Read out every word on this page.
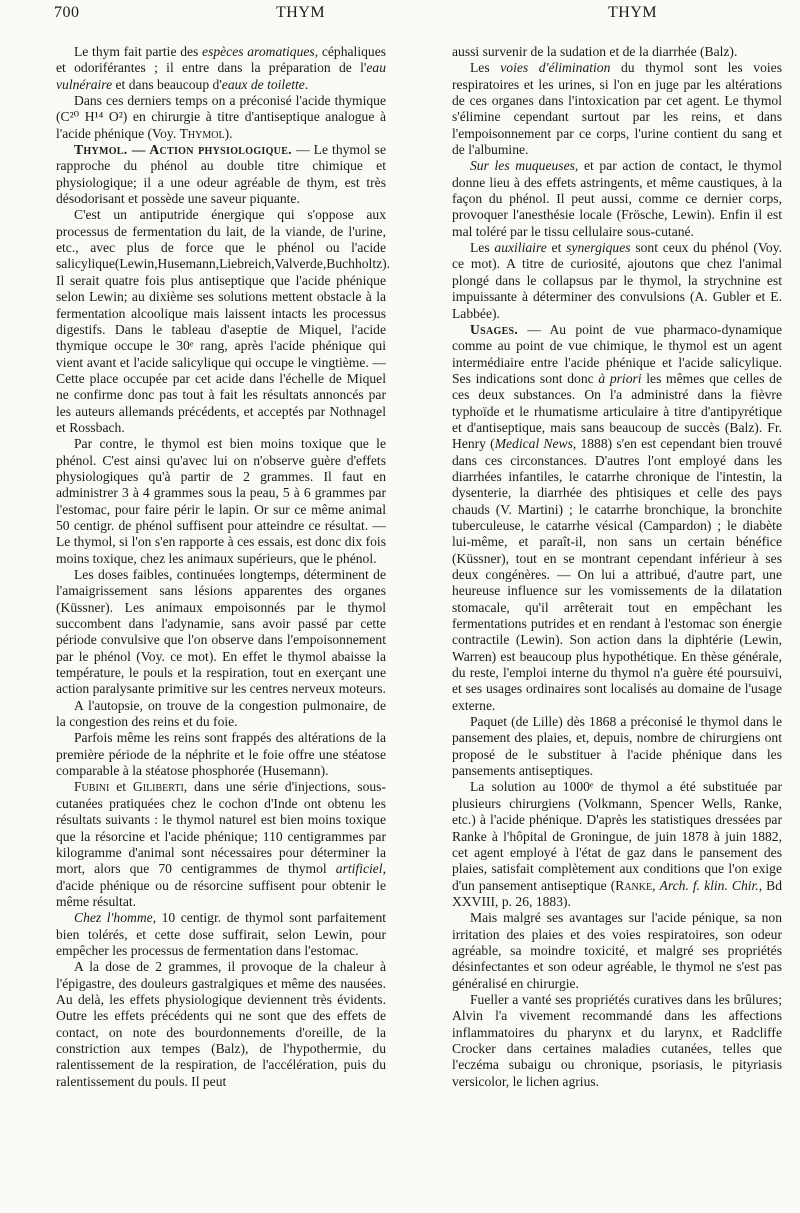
700	THYM	THYM

Le thym fait partie des espèces aromatiques, céphaliques et odoriférantes ; il entre dans la préparation de l'eau vulnéraire et dans beaucoup d'eaux de toilette.

Dans ces derniers temps on a préconisé l'acide thymique (C²⁰ H¹⁴ O²) en chirurgie à titre d'antiseptique analogue à l'acide phénique (Voy. Thymol).

Thymol. — Action physiologique. — Le thymol se rapproche du phénol au double titre chimique et physiologique; il a une odeur agréable de thym, est très désodorisant et possède une saveur piquante.

C'est un antiputride énergique qui s'oppose aux processus de fermentation du lait, de la viande, de l'urine, etc., avec plus de force que le phénol ou l'acide salicylique(Lewin,Husemann,Liebreich,Valverde,Buchholtz). Il serait quatre fois plus antiseptique que l'acide phénique selon Lewin; au dixième ses solutions mettent obstacle à la fermentation alcoolique mais laissent intacts les processus digestifs. Dans le tableau d'aseptie de Miquel, l'acide thymique occupe le 30ᵉ rang, après l'acide phénique qui vient avant et l'acide salicylique qui occupe le vingtième. — Cette place occupée par cet acide dans l'échelle de Miquel ne confirme donc pas tout à fait les résultats annoncés par les auteurs allemands précédents, et acceptés par Nothnagel et Rossbach.

Par contre, le thymol est bien moins toxique que le phénol. C'est ainsi qu'avec lui on n'observe guère d'effets physiologiques qu'à partir de 2 grammes. Il faut en administrer 3 à 4 grammes sous la peau, 5 à 6 grammes par l'estomac, pour faire périr le lapin. Or sur ce même animal 50 centigr. de phénol suffisent pour atteindre ce résultat. — Le thymol, si l'on s'en rapporte à ces essais, est donc dix fois moins toxique, chez les animaux supérieurs, que le phénol.

Les doses faibles, continuées longtemps, déterminent de l'amaigrissement sans lésions apparentes des organes (Küssner). Les animaux empoisonnés par le thymol succombent dans l'adynamie, sans avoir passé par cette période convulsive que l'on observe dans l'empoisonnement par le phénol (Voy. ce mot). En effet le thymol abaisse la température, le pouls et la respiration, tout en exerçant une action paralysante primitive sur les centres nerveux moteurs.

A l'autopsie, on trouve de la congestion pulmonaire, de la congestion des reins et du foie.

Parfois même les reins sont frappés des altérations de la première période de la néphrite et le foie offre une stéatose comparable à la stéatose phosphorée (Husemann).

Fubini et Giliberti, dans une série d'injections, sous-cutanées pratiquées chez le cochon d'Inde ont obtenu les résultats suivants : le thymol naturel est bien moins toxique que la résorcine et l'acide phénique; 110 centigrammes par kilogramme d'animal sont nécessaires pour déterminer la mort, alors que 70 centigrammes de thymol artificiel, d'acide phénique ou de résorcine suffisent pour obtenir le même résultat.

Chez l'homme, 10 centigr. de thymol sont parfaitement bien tolérés, et cette dose suffirait, selon Lewin, pour empêcher les processus de fermentation dans l'estomac.

A la dose de 2 grammes, il provoque de la chaleur à l'épigastre, des douleurs gastralgiques et même des nausées. Au delà, les effets physiologique deviennent très évidents. Outre les effets précédents qui ne sont que des effets de contact, on note des bourdonnements d'oreille, de la constriction aux tempes (Balz), de l'hypothermie, du ralentissement de la respiration, de l'accélération, puis du ralentissement du pouls. Il peut

aussi survenir de la sudation et de la diarrhée (Balz).

Les voies d'élimination du thymol sont les voies respiratoires et les urines, si l'on en juge par les altérations de ces organes dans l'intoxication par cet agent. Le thymol s'élimine cependant surtout par les reins, et dans l'empoisonnement par ce corps, l'urine contient du sang et de l'albumine.

Sur les muqueuses, et par action de contact, le thymol donne lieu à des effets astringents, et même caustiques, à la façon du phénol. Il peut aussi, comme ce dernier corps, provoquer l'anesthésie locale (Frösche, Lewin). Enfin il est mal toléré par le tissu cellulaire sous-cutané.

Les auxiliaire et synergiques sont ceux du phénol (Voy. ce mot). A titre de curiosité, ajoutons que chez l'animal plongé dans le collapsus par le thymol, la strychnine est impuissante à déterminer des convulsions (A. Gubler et E. Labbée).

Usages. — Au point de vue pharmaco-dynamique comme au point de vue chimique, le thymol est un agent intermédiaire entre l'acide phénique et l'acide salicylique. Ses indications sont donc à priori les mêmes que celles de ces deux substances. On l'a administré dans la fièvre typhoïde et le rhumatisme articulaire à titre d'antipyrétique et d'antiseptique, mais sans beaucoup de succès (Balz). Fr. Henry (Medical News, 1888) s'en est cependant bien trouvé dans ces circonstances. D'autres l'ont employé dans les diarrhées infantiles, le catarrhe chronique de l'intestin, la dysenterie, la diarrhée des phtisiques et celle des pays chauds (V. Martini) ; le catarrhe bronchique, la bronchite tuberculeuse, le catarrhe vésical (Campardon) ; le diabète lui-même, et paraît-il, non sans un certain bénéfice (Küssner), tout en se montrant cependant inférieur à ses deux congénères. — On lui a attribué, d'autre part, une heureuse influence sur les vomissements de la dilatation stomacale, qu'il arrêterait tout en empêchant les fermentations putrides et en rendant à l'estomac son énergie contractile (Lewin). Son action dans la diphtérie (Lewin, Warren) est beaucoup plus hypothétique. En thèse générale, du reste, l'emploi interne du thymol n'a guère été poursuivi, et ses usages ordinaires sont localisés au domaine de l'usage externe.

Paquet (de Lille) dès 1868 a préconisé le thymol dans le pansement des plaies, et, depuis, nombre de chirurgiens ont proposé de le substituer à l'acide phénique dans les pansements antiseptiques.

La solution au 1000ᵉ de thymol a été substituée par plusieurs chirurgiens (Volkmann, Spencer Wells, Ranke, etc.) à l'acide phénique. D'après les statistiques dressées par Ranke à l'hôpital de Groningue, de juin 1878 à juin 1882, cet agent employé à l'état de gaz dans le pansement des plaies, satisfait complètement aux conditions que l'on exige d'un pansement antiseptique (Ranke, Arch. f. klin. Chir., Bd XXVIII, p. 26, 1883).

Mais malgré ses avantages sur l'acide pénique, sa non irritation des plaies et des voies respiratoires, son odeur agréable, sa moindre toxicité, et malgré ses propriétés désinfectantes et son odeur agréable, le thymol ne s'est pas généralisé en chirurgie.

Fueller a vanté ses propriétés curatives dans les brûlures; Alvin l'a vivement recommandé dans les affections inflammatoires du pharynx et du larynx, et Radcliffe Crocker dans certaines maladies cutanées, telles que l'eczéma subaigu ou chronique, psoriasis, le pityriasis versicolor, le lichen agrius.
